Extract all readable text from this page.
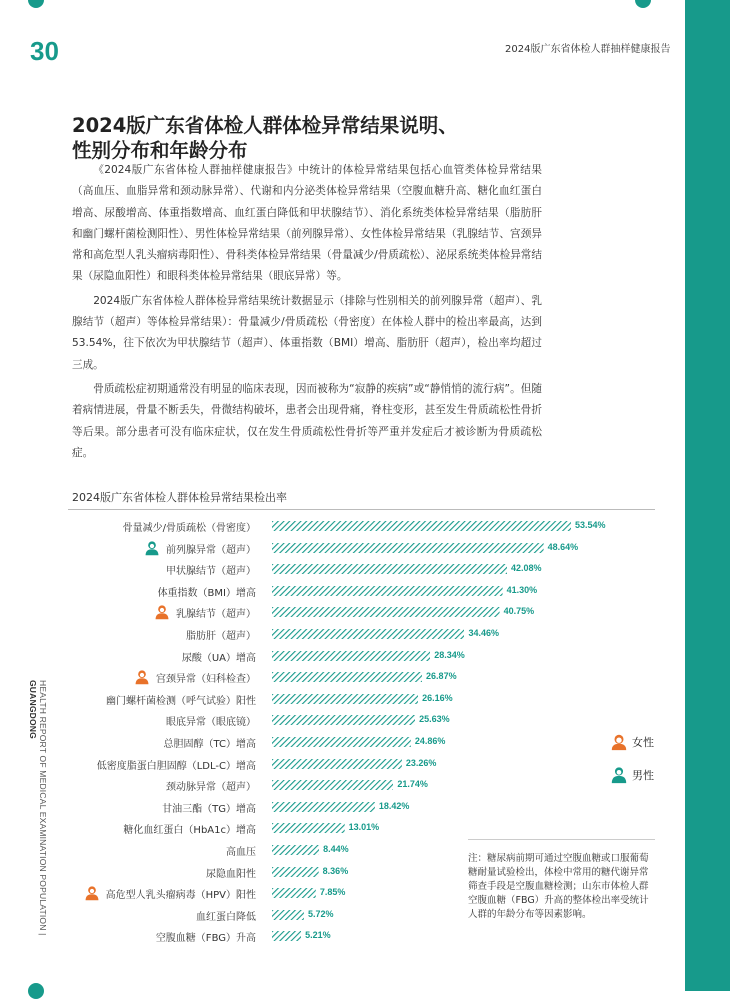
30	2024版广东省体检人群抽样健康报告
HEALTH REPORT OF MEDICAL EXAMINATION POPULATION | GUANGDONG
2024版广东省体检人群体检异常结果说明、
性别分布和年龄分布

《2024版广东省体检人群抽样健康报告》中统计的体检异常结果包括心血管类体检异常结果（高血压、血脂异常和颈动脉异常）、代谢和内分泌类体检异常结果（空腹血糖升高、糖化血红蛋白增高、尿酸增高、体重指数增高、血红蛋白降低和甲状腺结节）、消化系统类体检异常结果（脂肪肝和幽门螺杆菌检测阳性）、男性体检异常结果（前列腺异常）、女性体检异常结果（乳腺结节、宫颈异常和高危型人乳头瘤病毒阳性）、骨科类体检异常结果（骨量减少/骨质疏松）、泌尿系统类体检异常结果（尿隐血阳性）和眼科类体检异常结果（眼底异常）等。

2024版广东省体检人群体检异常结果统计数据显示（排除与性别相关的前列腺异常（超声）、乳腺结节（超声）等体检异常结果）：骨量减少/骨质疏松（骨密度）在体检人群中的检出率最高，达到53.54%，往下依次为甲状腺结节（超声）、体重指数（BMI）增高、脂肪肝（超声），检出率均超过三成。

骨质疏松症初期通常没有明显的临床表现，因而被称为“寂静的疾病”或“静悄悄的流行病”。但随着病情进展，骨量不断丢失，骨微结构破坏，患者会出现骨痛，脊柱变形，甚至发生骨质疏松性骨折等后果。部分患者可没有临床症状，仅在发生骨质疏松性骨折等严重并发症后才被诊断为骨质疏松症。

2024版广东省体检人群体检异常结果检出率
骨量减少/骨质疏松（骨密度）	53.54%
前列腺异常（超声）	48.64%
甲状腺结节（超声）	42.08%
体重指数（BMI）增高	41.30%
乳腺结节（超声）	40.75%
脂肪肝（超声）	34.46%
尿酸（UA）增高	28.34%
宫颈异常（妇科检查）	26.87%
幽门螺杆菌检测（呼气试验）阳性	26.16%
眼底异常（眼底镜）	25.63%
总胆固醇（TC）增高	24.86%
低密度脂蛋白胆固醇（LDL-C）增高	23.26%
颈动脉异常（超声）	21.74%
甘油三酯（TG）增高	18.42%
糖化血红蛋白（HbA1c）增高	13.01%
高血压	8.44%
尿隐血阳性	8.36%
高危型人乳头瘤病毒（HPV）阳性	7.85%
血红蛋白降低	5.72%
空腹血糖（FBG）升高	5.21%
女性
男性
注：糖尿病前期可通过空腹血糖或口服葡萄糖耐量试验检出，体检中常用的糖代谢异常筛查手段是空腹血糖检测；山东市体检人群空腹血糖（FBG）升高的整体检出率受统计人群的年龄分布等因素影响。
